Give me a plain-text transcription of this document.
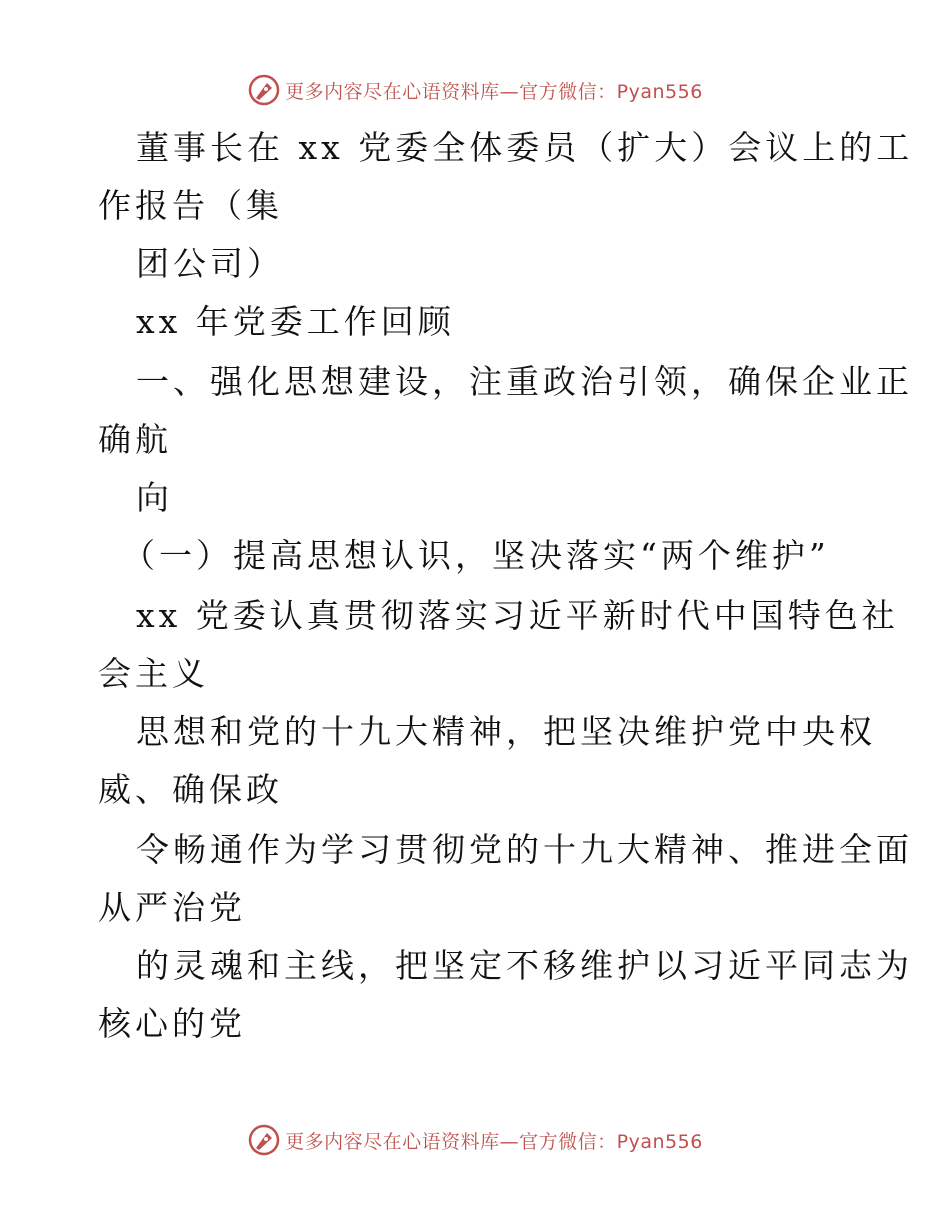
更多内容尽在心语资料库—官方微信：Pyan556
董事长在 xx 党委全体委员（扩大）会议上的工
作报告（集
团公司）
xx 年党委工作回顾
一、强化思想建设，注重政治引领，确保企业正
确航
向
（一）提高思想认识，坚决落实“两个维护”
xx 党委认真贯彻落实习近平新时代中国特色社
会主义
思想和党的十九大精神，把坚决维护党中央权
威、确保政
令畅通作为学习贯彻党的十九大精神、推进全面
从严治党
的灵魂和主线，把坚定不移维护以习近平同志为
核心的党
更多内容尽在心语资料库—官方微信：Pyan556
